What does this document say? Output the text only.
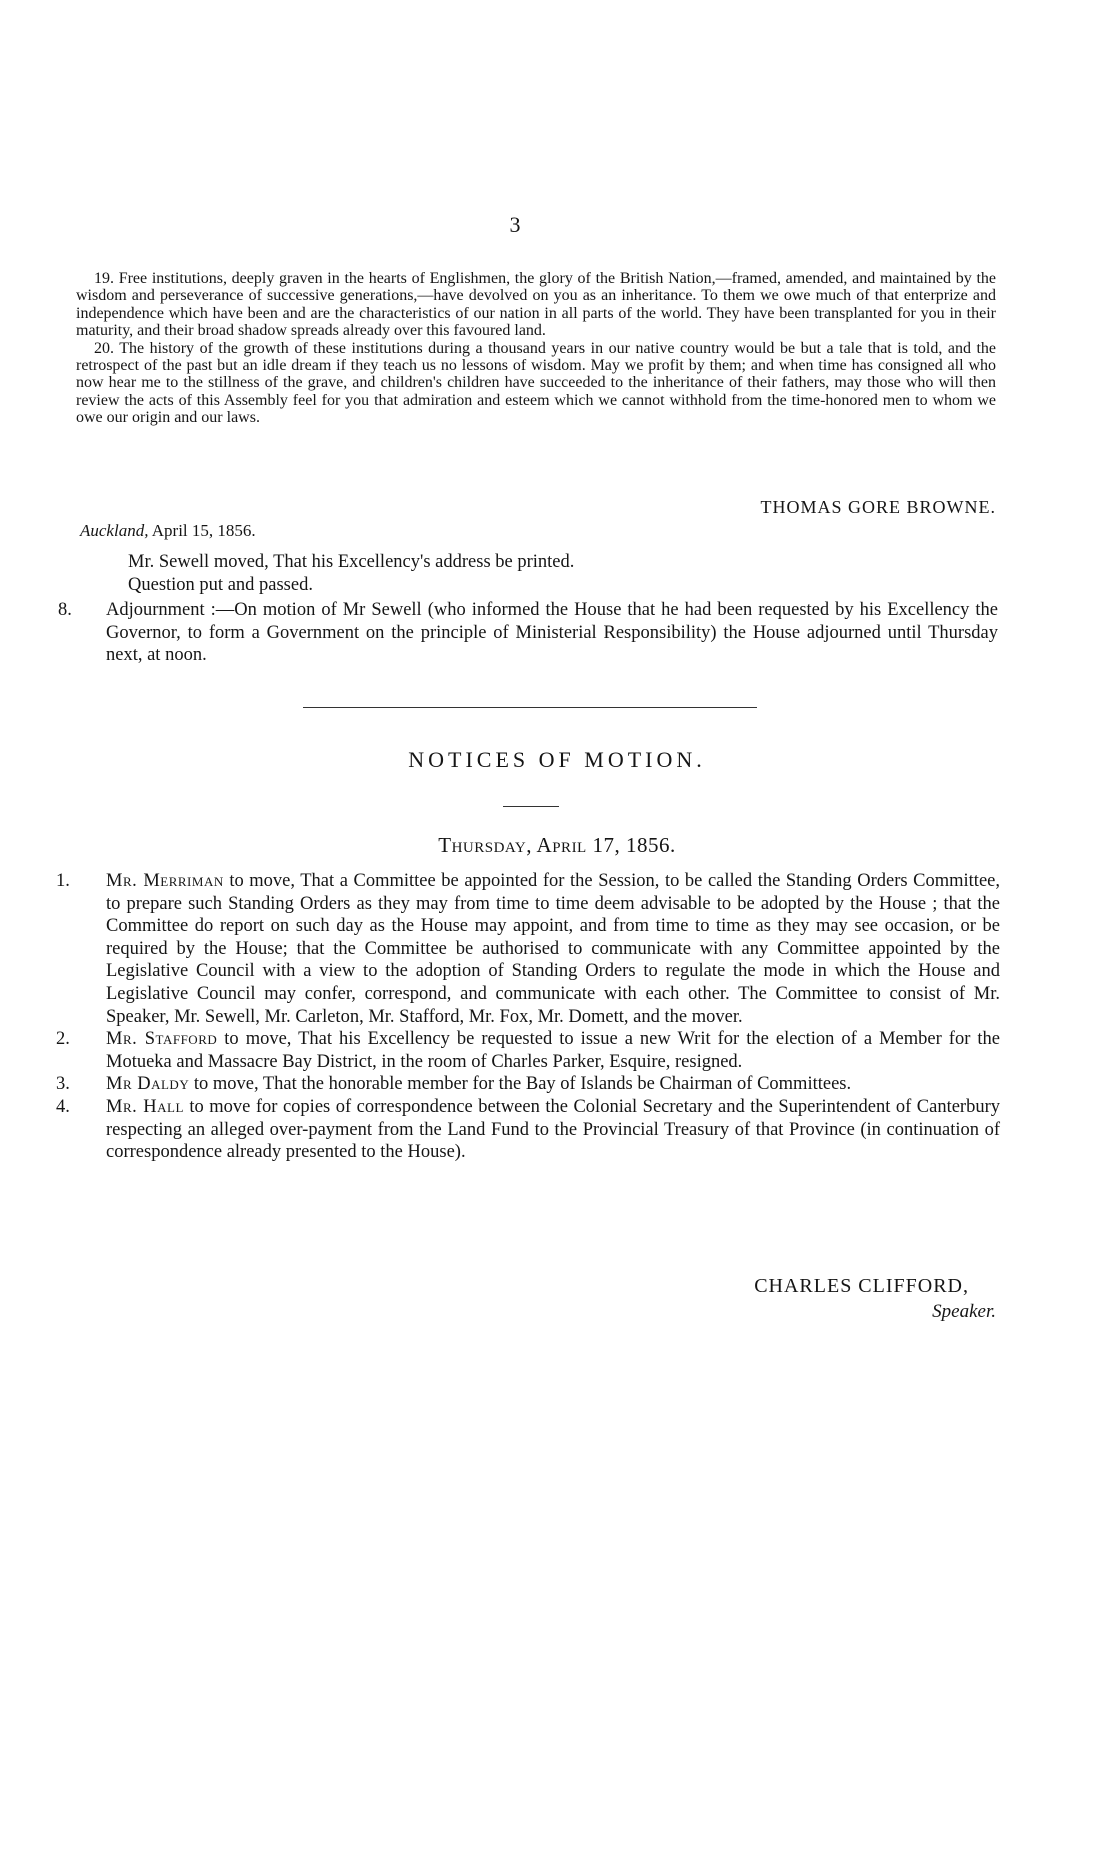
3

19. Free institutions, deeply graven in the hearts of Englishmen, the glory of the British Nation,—framed, amended, and maintained by the wisdom and perseverance of successive generations,—have devolved on you as an inheritance. To them we owe much of that enterprize and independence which have been and are the characteristics of our nation in all parts of the world. They have been transplanted for you in their maturity, and their broad shadow spreads already over this favoured land.

20. The history of the growth of these institutions during a thousand years in our native country would be but a tale that is told, and the retrospect of the past but an idle dream if they teach us no lessons of wisdom. May we profit by them; and when time has consigned all who now hear me to the stillness of the grave, and children's children have succeeded to the inheritance of their fathers, may those who will then review the acts of this Assembly feel for you that admiration and esteem which we cannot withhold from the time-honored men to whom we owe our origin and our laws.

THOMAS GORE BROWNE.
Auckland, April 15, 1856.
Mr. Sewell moved, That his Excellency's address be printed.
Question put and passed.
8. Adjournment :—On motion of Mr Sewell (who informed the House that he had been requested by his Excellency the Governor, to form a Government on the principle of Ministerial Responsibility) the House adjourned until Thursday next, at noon.
NOTICES OF MOTION.
Thursday, April 17, 1856.
1. Mr. Merriman to move, That a Committee be appointed for the Session, to be called the Standing Orders Committee, to prepare such Standing Orders as they may from time to time deem advisable to be adopted by the House ; that the Committee do report on such day as the House may appoint, and from time to time as they may see occasion, or be required by the House; that the Committee be authorised to communicate with any Committee appointed by the Legislative Council with a view to the adoption of Standing Orders to regulate the mode in which the House and Legislative Council may confer, correspond, and communicate with each other. The Committee to consist of Mr. Speaker, Mr. Sewell, Mr. Carleton, Mr. Stafford, Mr. Fox, Mr. Domett, and the mover.
2. Mr. Stafford to move, That his Excellency be requested to issue a new Writ for the election of a Member for the Motueka and Massacre Bay District, in the room of Charles Parker, Esquire, resigned.
3. Mr Daldy to move, That the honorable member for the Bay of Islands be Chairman of Committees.
4. Mr. Hall to move for copies of correspondence between the Colonial Secretary and the Superintendent of Canterbury respecting an alleged over-payment from the Land Fund to the Provincial Treasury of that Province (in continuation of correspondence already presented to the House).
CHARLES CLIFFORD,
Speaker.
